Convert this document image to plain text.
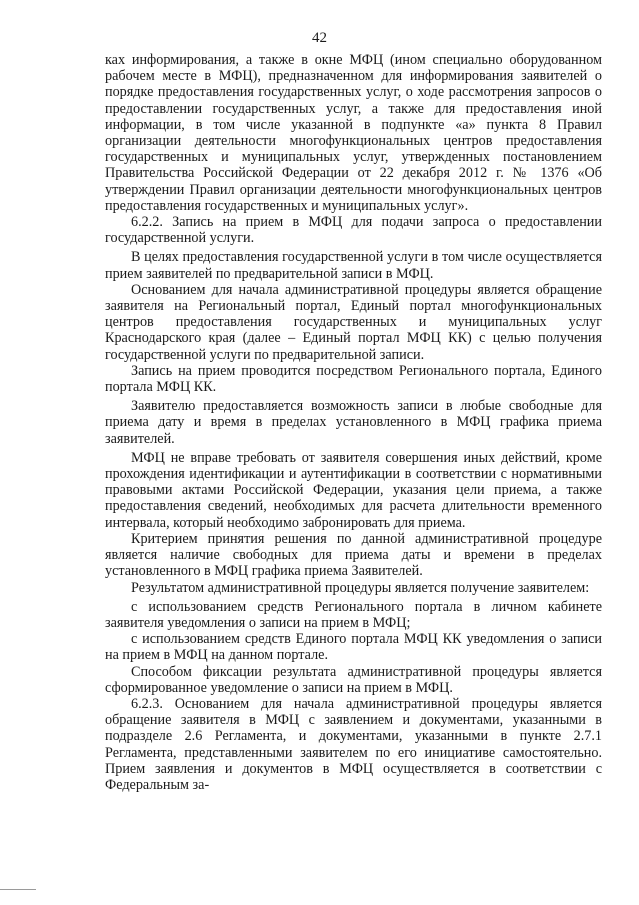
42

ках информирования, а также в окне МФЦ (ином специально оборудованном рабочем месте в МФЦ), предназначенном для информирования заявителей о порядке предоставления государственных услуг, о ходе рассмотрения запросов о предоставлении государственных услуг, а также для предоставления иной информации, в том числе указанной в подпункте «а» пункта 8 Правил организации деятельности многофункциональных центров предоставления государственных и муниципальных услуг, утвержденных постановлением Правительства Российской Федерации от 22 декабря 2012 г. № 1376 «Об утверждении Правил организации деятельности многофункциональных центров предоставления государственных и муниципальных услуг».

6.2.2. Запись на прием в МФЦ для подачи запроса о предоставлении государственной услуги.

В целях предоставления государственной услуги в том числе осуществляется прием заявителей по предварительной записи в МФЦ.

Основанием для начала административной процедуры является обращение заявителя на Региональный портал, Единый портал многофункциональных центров предоставления государственных и муниципальных услуг Краснодарского края (далее – Единый портал МФЦ КК) с целью получения государственной услуги по предварительной записи.

Запись на прием проводится посредством Регионального портала, Единого портала МФЦ КК.

Заявителю предоставляется возможность записи в любые свободные для приема дату и время в пределах установленного в МФЦ графика приема заявителей.

МФЦ не вправе требовать от заявителя совершения иных действий, кроме прохождения идентификации и аутентификации в соответствии с нормативными правовыми актами Российской Федерации, указания цели приема, а также предоставления сведений, необходимых для расчета длительности временного интервала, который необходимо забронировать для приема.

Критерием принятия решения по данной административной процедуре является наличие свободных для приема даты и времени в пределах установленного в МФЦ графика приема Заявителей.

Результатом административной процедуры является получение заявителем:

с использованием средств Регионального портала в личном кабинете заявителя уведомления о записи на прием в МФЦ;

с использованием средств Единого портала МФЦ КК уведомления о записи на прием в МФЦ на данном портале.

Способом фиксации результата административной процедуры является сформированное уведомление о записи на прием в МФЦ.

6.2.3. Основанием для начала административной процедуры является обращение заявителя в МФЦ с заявлением и документами, указанными в подразделе 2.6 Регламента, и документами, указанными в пункте 2.7.1 Регламента, представленными заявителем по его инициативе самостоятельно. Прием заявления и документов в МФЦ осуществляется в соответствии с Федеральным за-
